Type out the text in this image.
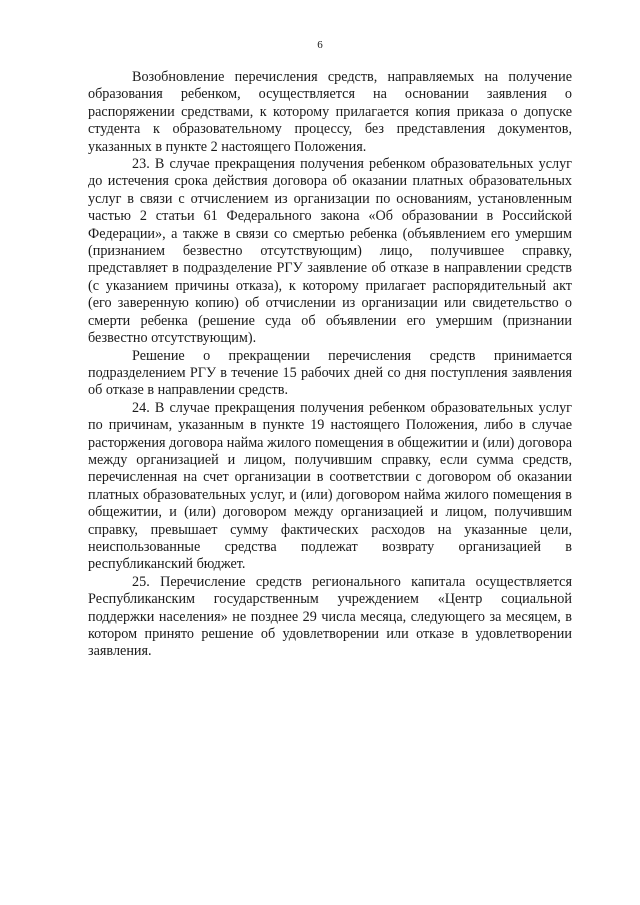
6

Возобновление перечисления средств, направляемых на получение образования ребенком, осуществляется на основании заявления о распоряжении средствами, к которому прилагается копия приказа о допуске студента к образовательному процессу, без представления документов, указанных в пункте 2 настоящего Положения.

23. В случае прекращения получения ребенком образовательных услуг до истечения срока действия договора об оказании платных образовательных услуг в связи с отчислением из организации по основаниям, установленным частью 2 статьи 61 Федерального закона «Об образовании в Российской Федерации», а также в связи со смертью ребенка (объявлением его умершим (признанием безвестно отсутствующим) лицо, получившее справку, представляет в подразделение РГУ заявление об отказе в направлении средств (с указанием причины отказа), к которому прилагает распорядительный акт (его заверенную копию) об отчислении из организации или свидетельство о смерти ребенка (решение суда об объявлении его умершим (признании безвестно отсутствующим).

Решение о прекращении перечисления средств принимается подразделением РГУ в течение 15 рабочих дней со дня поступления заявления об отказе в направлении средств.

24. В случае прекращения получения ребенком образовательных услуг по причинам, указанным в пункте 19 настоящего Положения, либо в случае расторжения договора найма жилого помещения в общежитии и (или) договора между организацией и лицом, получившим справку, если сумма средств, перечисленная на счет организации в соответствии с договором об оказании платных образовательных услуг, и (или) договором найма жилого помещения в общежитии, и (или) договором между организацией и лицом, получившим справку, превышает сумму фактических расходов на указанные цели, неиспользованные средства подлежат возврату организацией в республиканский бюджет.

25. Перечисление средств регионального капитала осуществляется Республиканским государственным учреждением «Центр социальной поддержки населения» не позднее 29 числа месяца, следующего за месяцем, в котором принято решение об удовлетворении или отказе в удовлетворении заявления.
